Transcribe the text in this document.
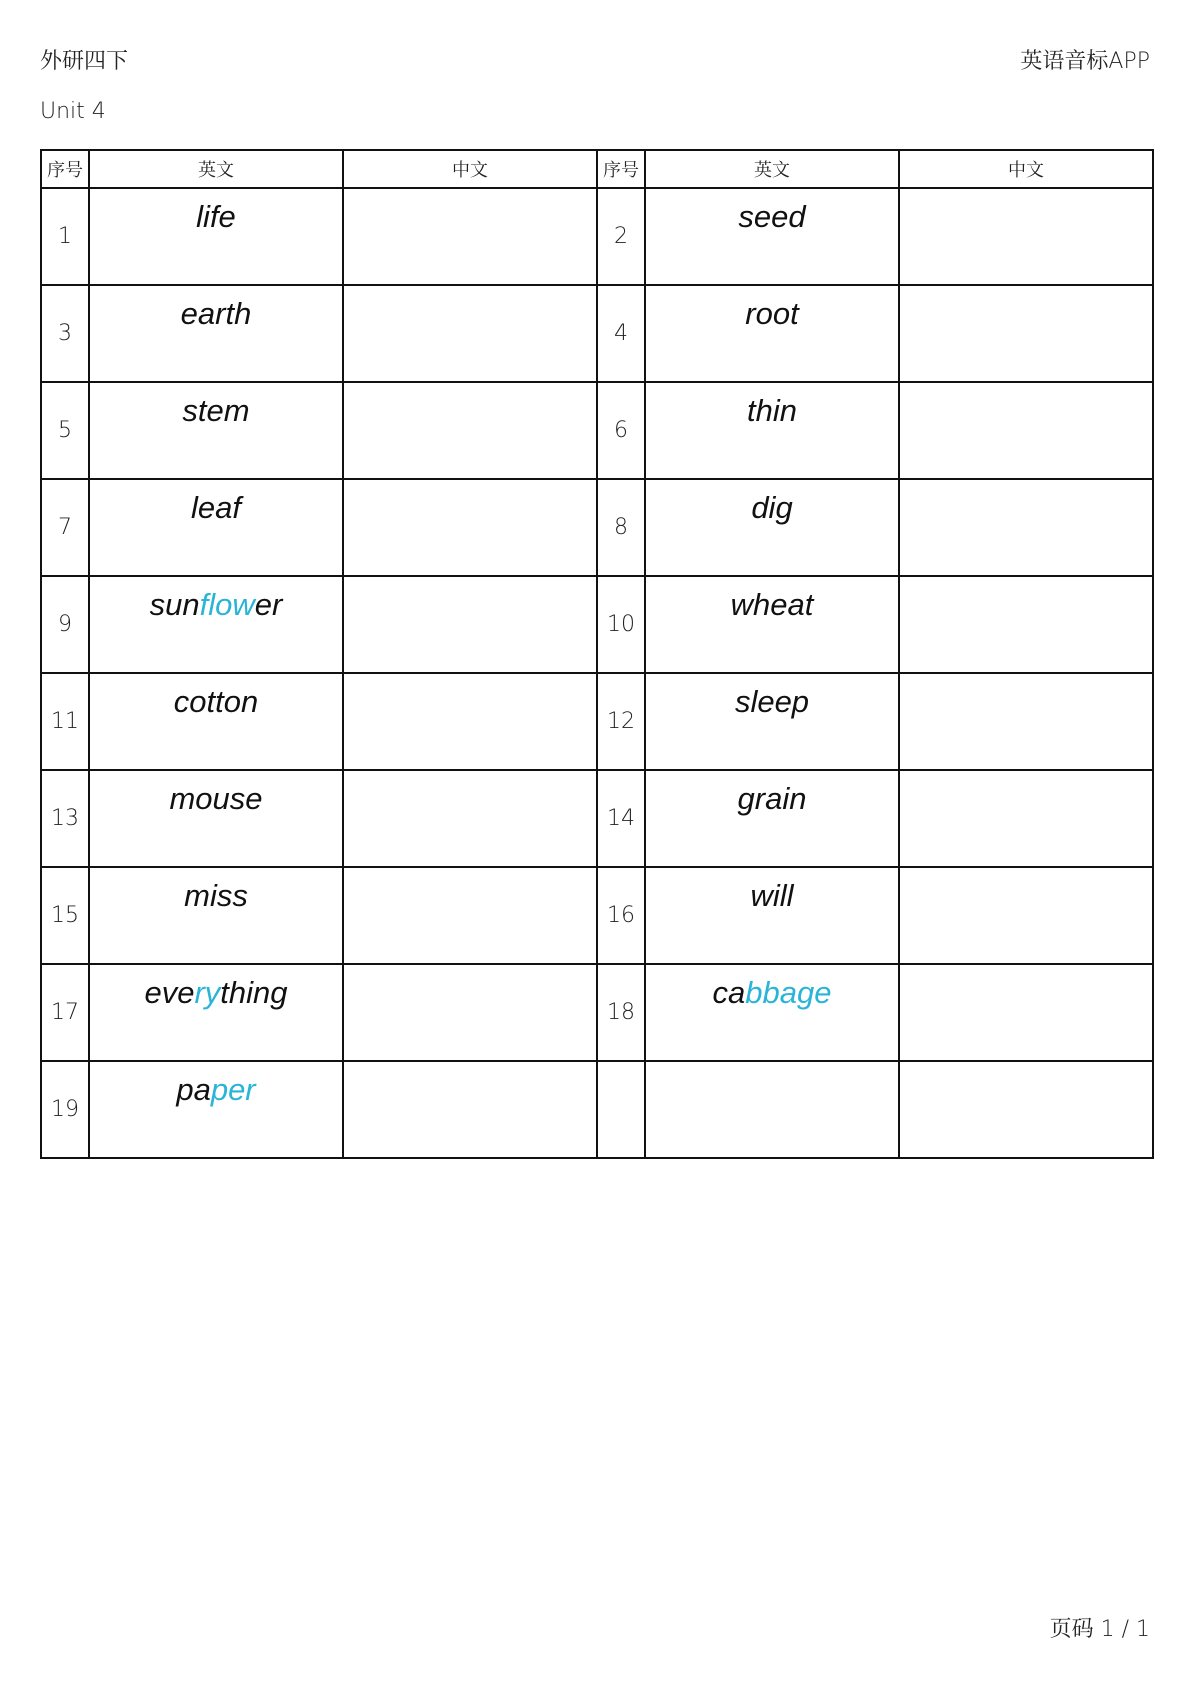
外研四下	英语音标APP
Unit 4
序号	英文	中文	序号	英文	中文
1	life		2	seed	

3	earth		4	root	

5	stem		6	thin	

7	leaf		8	dig	

9	sunflower		10	wheat	

11	cotton		12	sleep	

13	mouse		14	grain	

15	miss		16	will	

17	everything		18	cabbage	

19	paper				

页码 1 / 1
